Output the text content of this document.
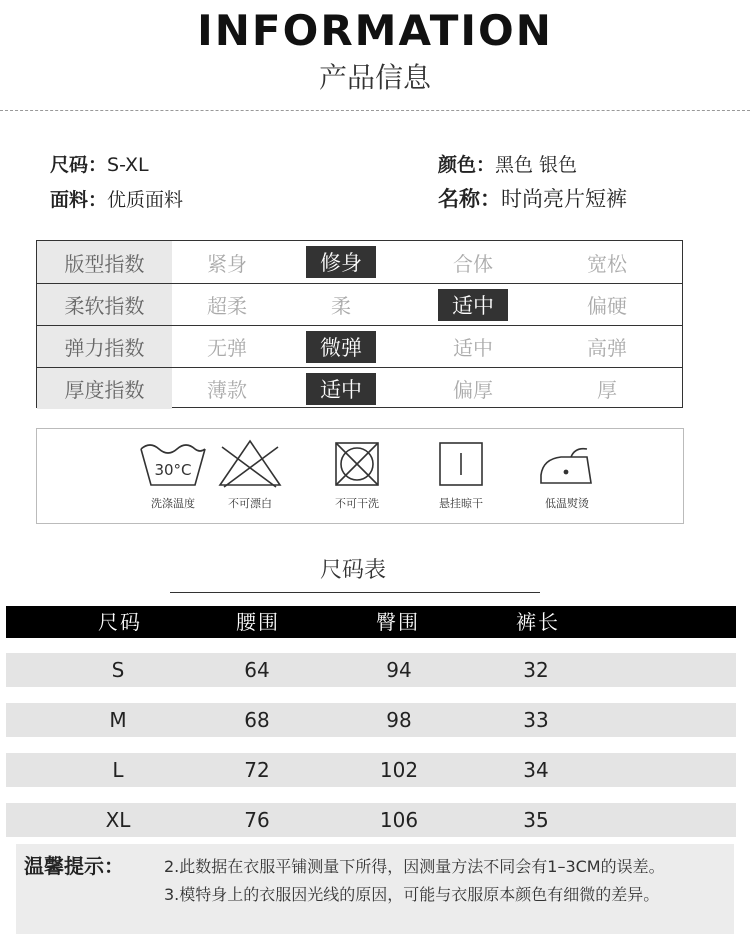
INFORMATION
产品信息
尺码：S-XL	颜色：黑色 银色
面料：优质面料	名称：时尚亮片短裤
版型指数	紧身	修身	合体	宽松
柔软指数	超柔	柔	适中	偏硬
弹力指数	无弹	微弹	适中	高弹
厚度指数	薄款	适中	偏厚	厚
30°C
洗涤温度	不可漂白	不可干洗	悬挂晾干	低温熨烫
尺码表
尺码	腰围	臀围	裤长
S	64	94	32
M	68	98	33
L	72	102	34
XL	76	106	35
温馨提示：	2.此数据在衣服平铺测量下所得，因测量方法不同会有1–3CM的误差。
3.模特身上的衣服因光线的原因，可能与衣服原本颜色有细微的差异。
